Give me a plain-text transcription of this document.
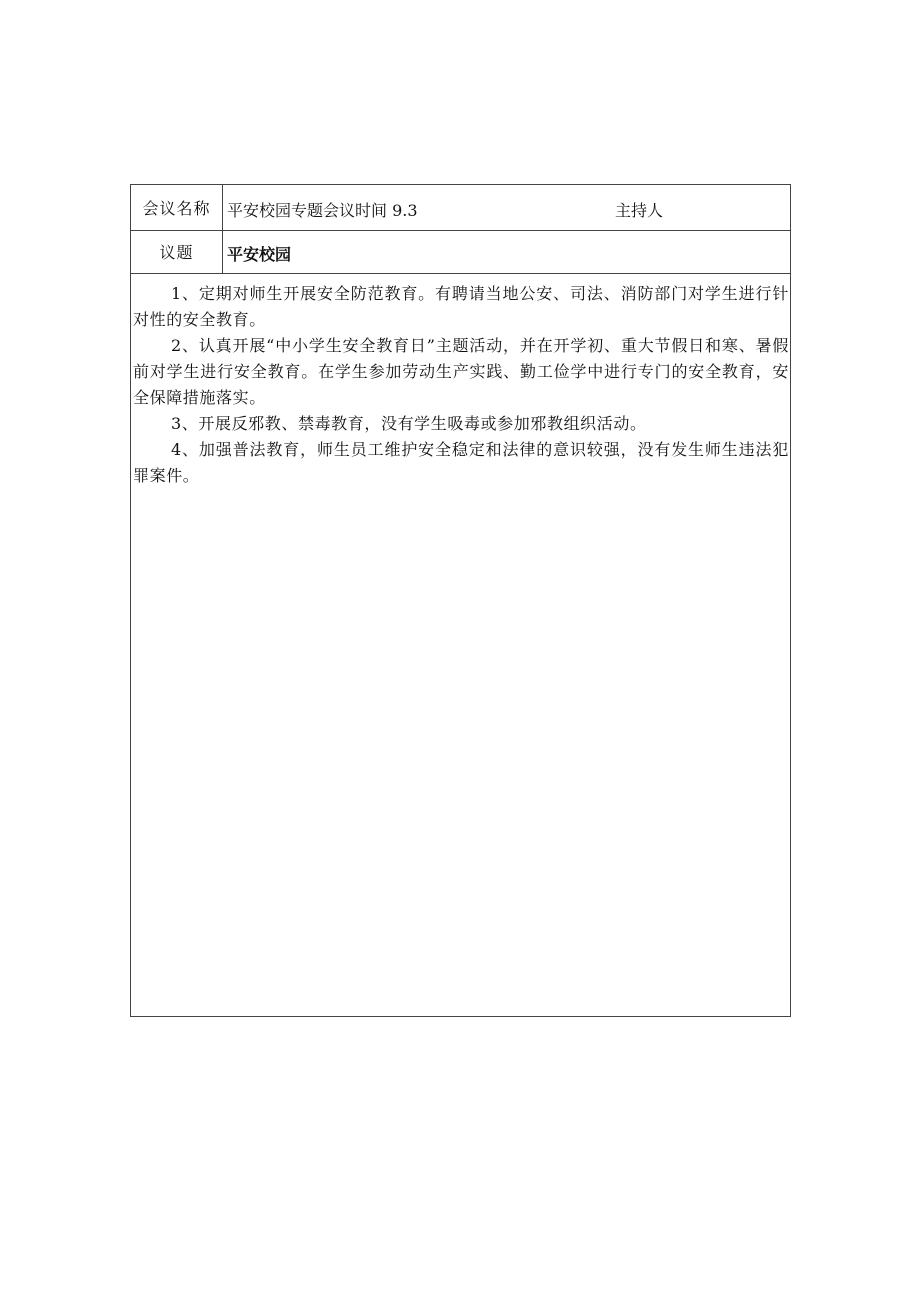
会议名称	平安校园专题会议时间 9.3	主持人
议题	平安校园

1、定期对师生开展安全防范教育。有聘请当地公安、司法、消防部门对学生进行针对性的安全教育。

2、认真开展“中小学生安全教育日”主题活动，并在开学初、重大节假日和寒、暑假前对学生进行安全教育。在学生参加劳动生产实践、勤工俭学中进行专门的安全教育，安全保障措施落实。

3、开展反邪教、禁毒教育，没有学生吸毒或参加邪教组织活动。

4、加强普法教育，师生员工维护安全稳定和法律的意识较强，没有发生师生违法犯罪案件。
